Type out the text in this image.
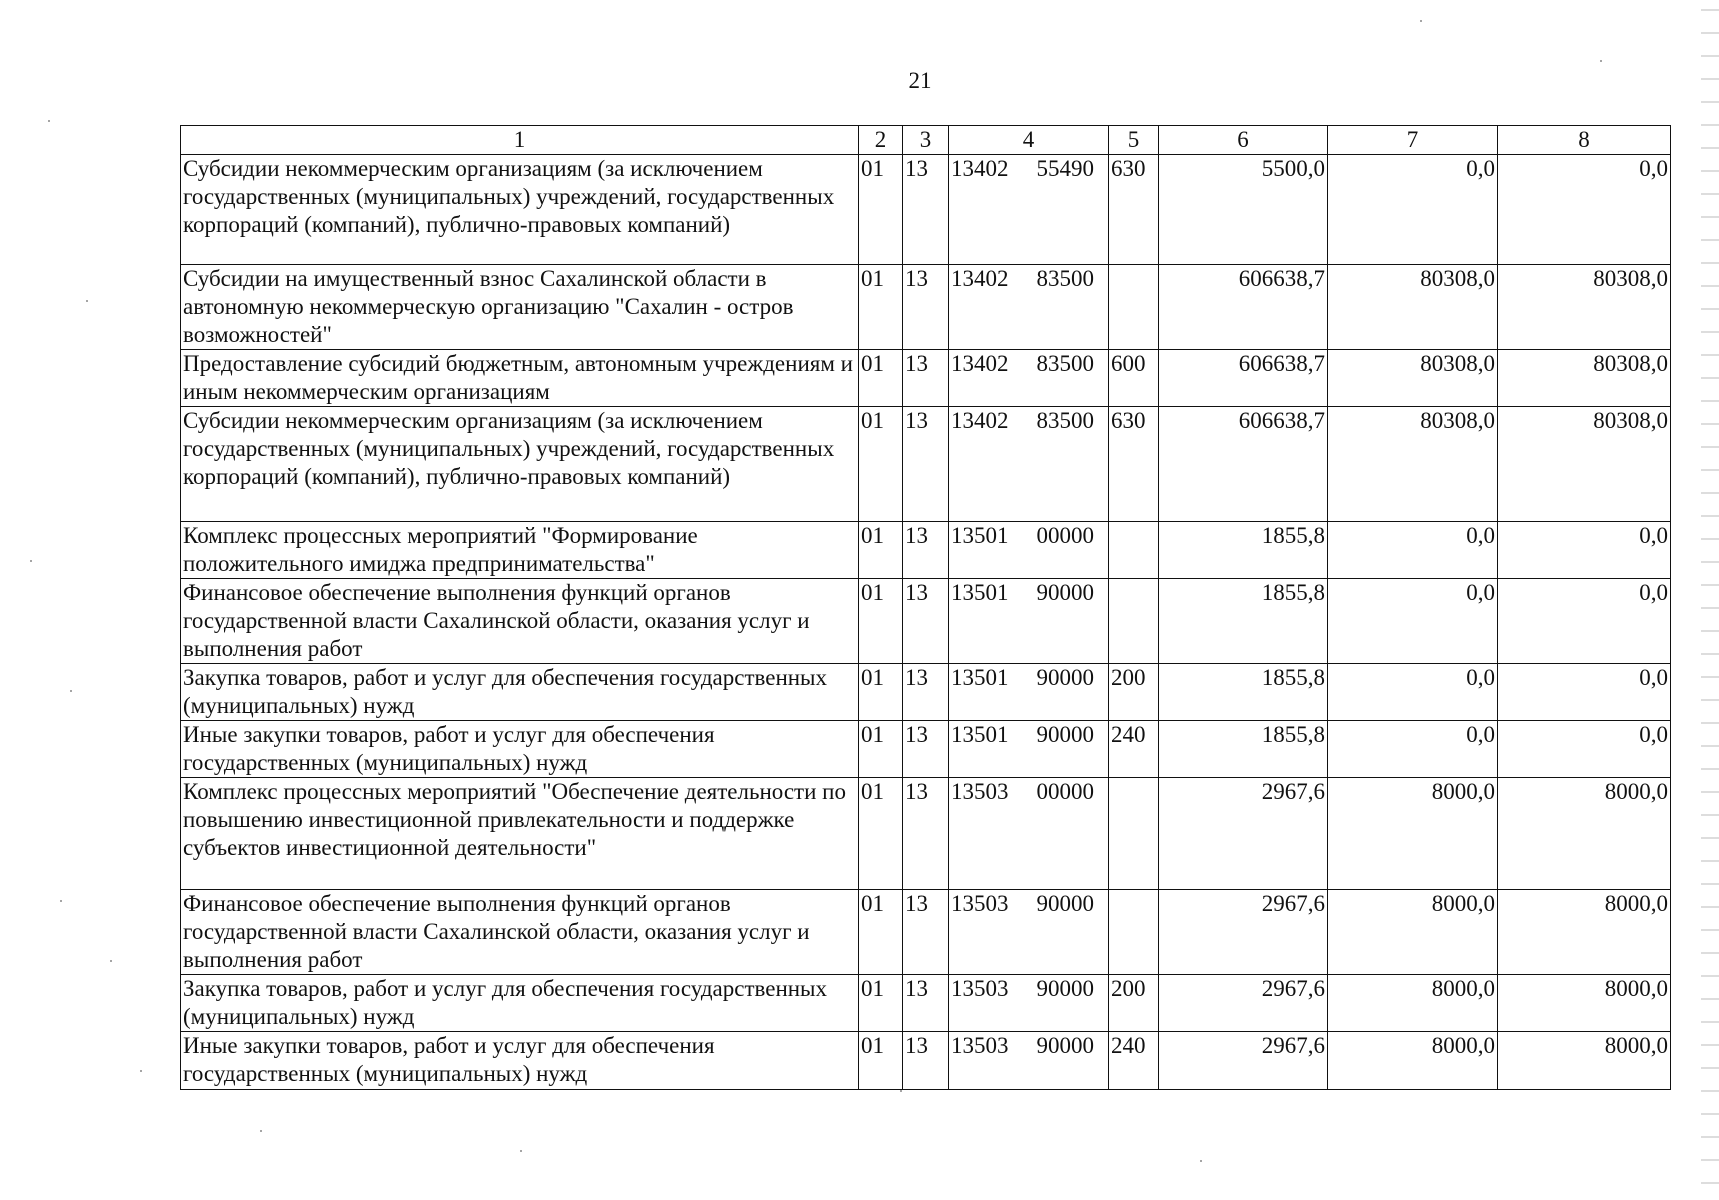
21
1	2	3	4	5	6	7	8
Субсидии некоммерческим организациям (за исключением государственных (муниципальных) учреждений, государственных корпораций (компаний), публично-правовых компаний)	01	13	13402 55490	630	5500,0	0,0	0,0
Субсидии на имущественный взнос Сахалинской области в автономную некоммерческую организацию "Сахалин - остров возможностей"	01	13	13402 83500		606638,7	80308,0	80308,0
Предоставление субсидий бюджетным, автономным учреждениям и иным некоммерческим организациям	01	13	13402 83500	600	606638,7	80308,0	80308,0
Субсидии некоммерческим организациям (за исключением государственных (муниципальных) учреждений, государственных корпораций (компаний), публично-правовых компаний)	01	13	13402 83500	630	606638,7	80308,0	80308,0
Комплекс процессных мероприятий "Формирование положительного имиджа предпринимательства"	01	13	13501 00000		1855,8	0,0	0,0
Финансовое обеспечение выполнения функций органов государственной власти Сахалинской области, оказания услуг и выполнения работ	01	13	13501 90000		1855,8	0,0	0,0
Закупка товаров, работ и услуг для обеспечения государственных (муниципальных) нужд	01	13	13501 90000	200	1855,8	0,0	0,0
Иные закупки товаров, работ и услуг для обеспечения государственных (муниципальных) нужд	01	13	13501 90000	240	1855,8	0,0	0,0
Комплекс процессных мероприятий "Обеспечение деятельности по повышению инвестиционной привлекательности и поддержке субъектов инвестиционной деятельности"	01	13	13503 00000		2967,6	8000,0	8000,0
Финансовое обеспечение выполнения функций органов государственной власти Сахалинской области, оказания услуг и выполнения работ	01	13	13503 90000		2967,6	8000,0	8000,0
Закупка товаров, работ и услуг для обеспечения государственных (муниципальных) нужд	01	13	13503 90000	200	2967,6	8000,0	8000,0
Иные закупки товаров, работ и услуг для обеспечения государственных (муниципальных) нужд	01	13	13503 90000	240	2967,6	8000,0	8000,0
